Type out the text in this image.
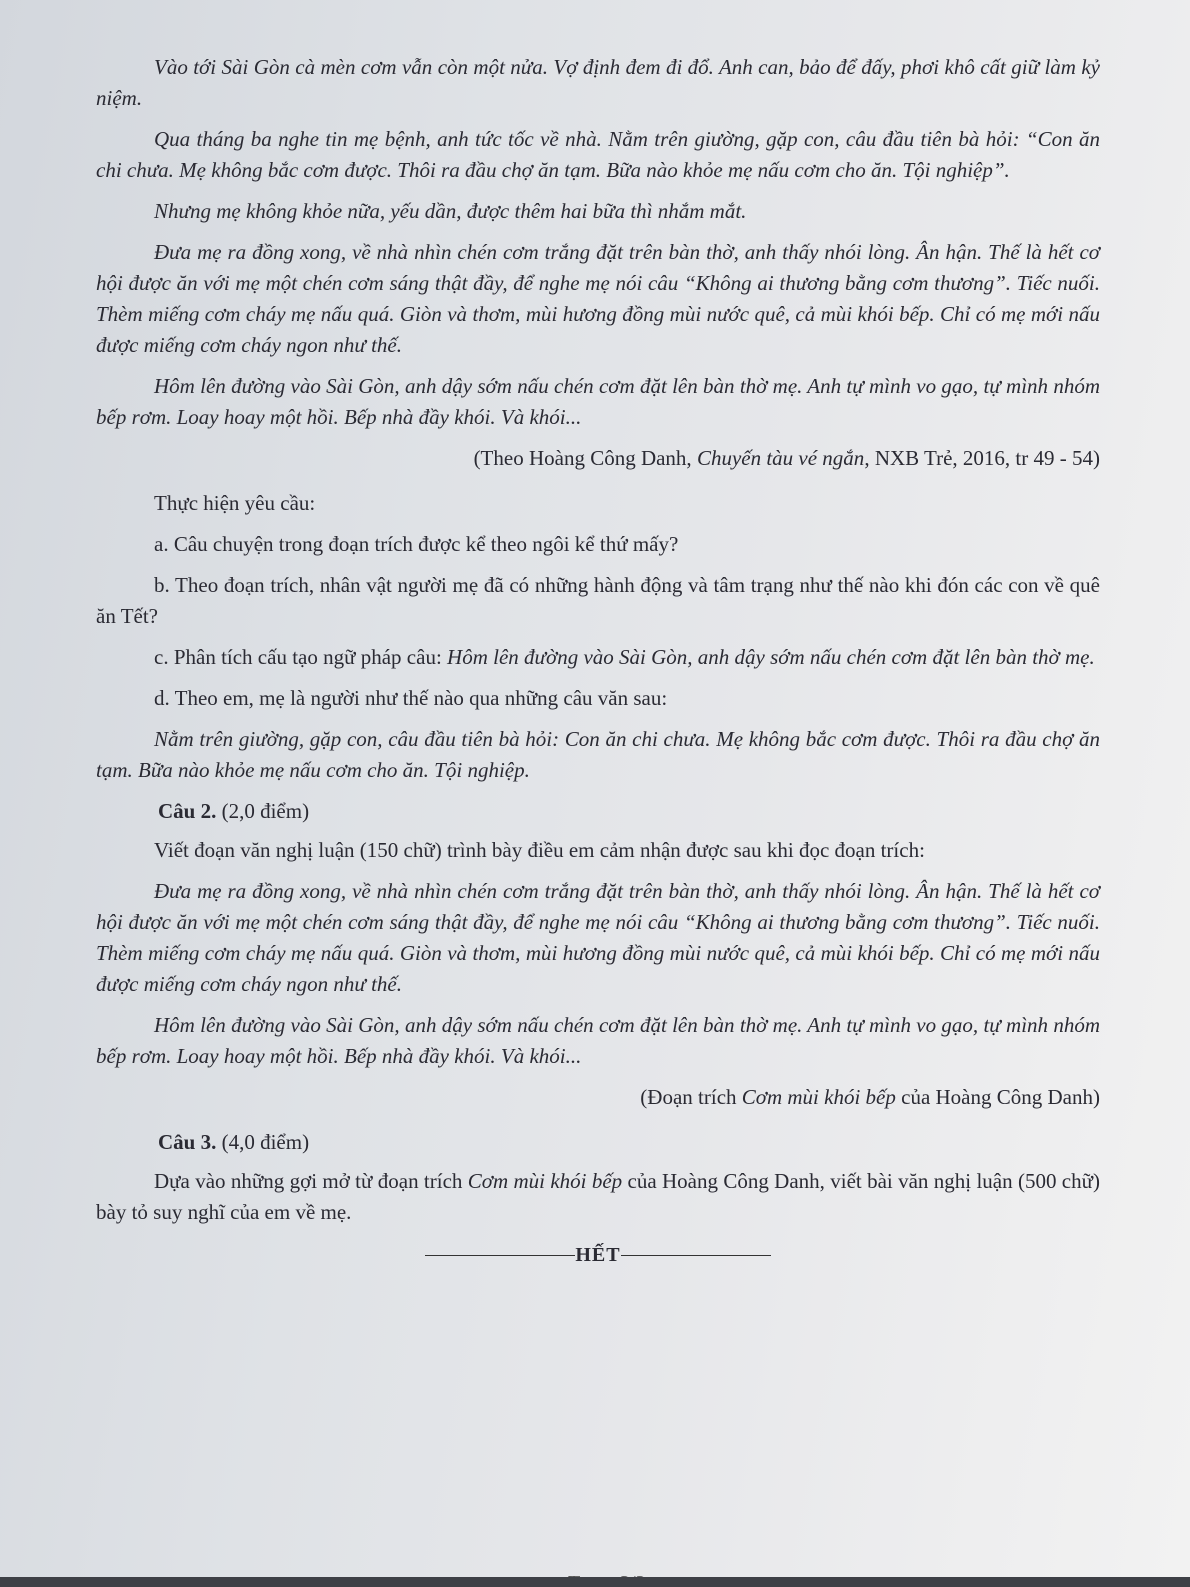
Vào tới Sài Gòn cà mèn cơm vẫn còn một nửa. Vợ định đem đi đổ. Anh can, bảo để đấy, phơi khô cất giữ làm kỷ niệm.

Qua tháng ba nghe tin mẹ bệnh, anh tức tốc về nhà. Nằm trên giường, gặp con, câu đầu tiên bà hỏi: “Con ăn chi chưa. Mẹ không bắc cơm được. Thôi ra đầu chợ ăn tạm. Bữa nào khỏe mẹ nấu cơm cho ăn. Tội nghiệp”.

Nhưng mẹ không khỏe nữa, yếu dần, được thêm hai bữa thì nhắm mắt.

Đưa mẹ ra đồng xong, về nhà nhìn chén cơm trắng đặt trên bàn thờ, anh thấy nhói lòng. Ân hận. Thế là hết cơ hội được ăn với mẹ một chén cơm sáng thật đầy, để nghe mẹ nói câu “Không ai thương bằng cơm thương”. Tiếc nuối. Thèm miếng cơm cháy mẹ nấu quá. Giòn và thơm, mùi hương đồng mùi nước quê, cả mùi khói bếp. Chỉ có mẹ mới nấu được miếng cơm cháy ngon như thế.

Hôm lên đường vào Sài Gòn, anh dậy sớm nấu chén cơm đặt lên bàn thờ mẹ. Anh tự mình vo gạo, tự mình nhóm bếp rơm. Loay hoay một hồi. Bếp nhà đầy khói. Và khói...

(Theo Hoàng Công Danh, Chuyến tàu vé ngắn, NXB Trẻ, 2016, tr 49 - 54)

Thực hiện yêu cầu:

a. Câu chuyện trong đoạn trích được kể theo ngôi kể thứ mấy?

b. Theo đoạn trích, nhân vật người mẹ đã có những hành động và tâm trạng như thế nào khi đón các con về quê ăn Tết?

c. Phân tích cấu tạo ngữ pháp câu: Hôm lên đường vào Sài Gòn, anh dậy sớm nấu chén cơm đặt lên bàn thờ mẹ.

d. Theo em, mẹ là người như thế nào qua những câu văn sau:

Nằm trên giường, gặp con, câu đầu tiên bà hỏi: Con ăn chi chưa. Mẹ không bắc cơm được. Thôi ra đầu chợ ăn tạm. Bữa nào khỏe mẹ nấu cơm cho ăn. Tội nghiệp.

Câu 2. (2,0 điểm)

Viết đoạn văn nghị luận (150 chữ) trình bày điều em cảm nhận được sau khi đọc đoạn trích:

Đưa mẹ ra đồng xong, về nhà nhìn chén cơm trắng đặt trên bàn thờ, anh thấy nhói lòng. Ân hận. Thế là hết cơ hội được ăn với mẹ một chén cơm sáng thật đầy, để nghe mẹ nói câu “Không ai thương bằng cơm thương”. Tiếc nuối. Thèm miếng cơm cháy mẹ nấu quá. Giòn và thơm, mùi hương đồng mùi nước quê, cả mùi khói bếp. Chỉ có mẹ mới nấu được miếng cơm cháy ngon như thế.

Hôm lên đường vào Sài Gòn, anh dậy sớm nấu chén cơm đặt lên bàn thờ mẹ. Anh tự mình vo gạo, tự mình nhóm bếp rơm. Loay hoay một hồi. Bếp nhà đầy khói. Và khói...

(Đoạn trích Cơm mùi khói bếp của Hoàng Công Danh)
Câu 3. (4,0 điểm)

Dựa vào những gợi mở từ đoạn trích Cơm mùi khói bếp của Hoàng Công Danh, viết bài văn nghị luận (500 chữ) bày tỏ suy nghĩ của em về mẹ.

HẾT
